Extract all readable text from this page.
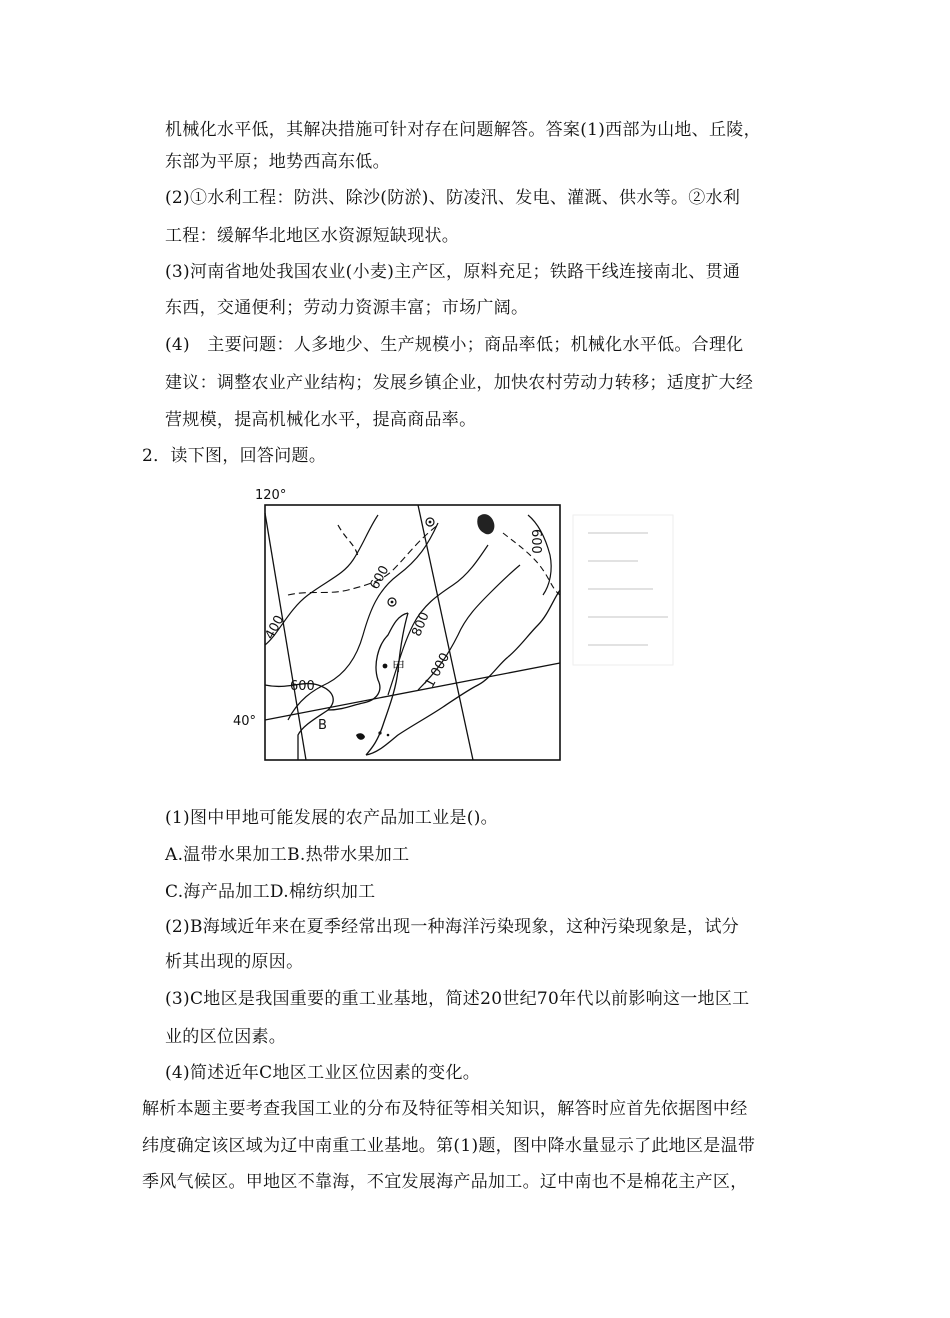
机械化水平低，其解决措施可针对存在问题解答。答案(1)西部为山地、丘陵，
东部为平原；地势西高东低。
(2)①水利工程：防洪、除沙(防淤)、防凌汛、发电、灌溉、供水等。②水利
工程：缓解华北地区水资源短缺现状。
(3)河南省地处我国农业(小麦)主产区，原料充足；铁路干线连接南北、贯通
东西，交通便利；劳动力资源丰富；市场广阔。
(4)　主要问题：人多地少、生产规模小；商品率低；机械化水平低。合理化
建议：调整农业产业结构；发展乡镇企业，加快农村劳动力转移；适度扩大经
营规模，提高机械化水平，提高商品率。
2．读下图，回答问题。
120°
40°
400
600
600
600
800
1 000
甲
B
(1)图中甲地可能发展的农产品加工业是()。
A.温带水果加工B.热带水果加工
C.海产品加工D.棉纺织加工
(2)B海域近年来在夏季经常出现一种海洋污染现象，这种污染现象是，试分
析其出现的原因。
(3)C地区是我国重要的重工业基地，简述20世纪70年代以前影响这一地区工
业的区位因素。
(4)简述近年C地区工业区位因素的变化。
解析本题主要考查我国工业的分布及特征等相关知识，解答时应首先依据图中经
纬度确定该区域为辽中南重工业基地。第(1)题，图中降水量显示了此地区是温带
季风气候区。甲地区不靠海，不宜发展海产品加工。辽中南也不是棉花主产区，
